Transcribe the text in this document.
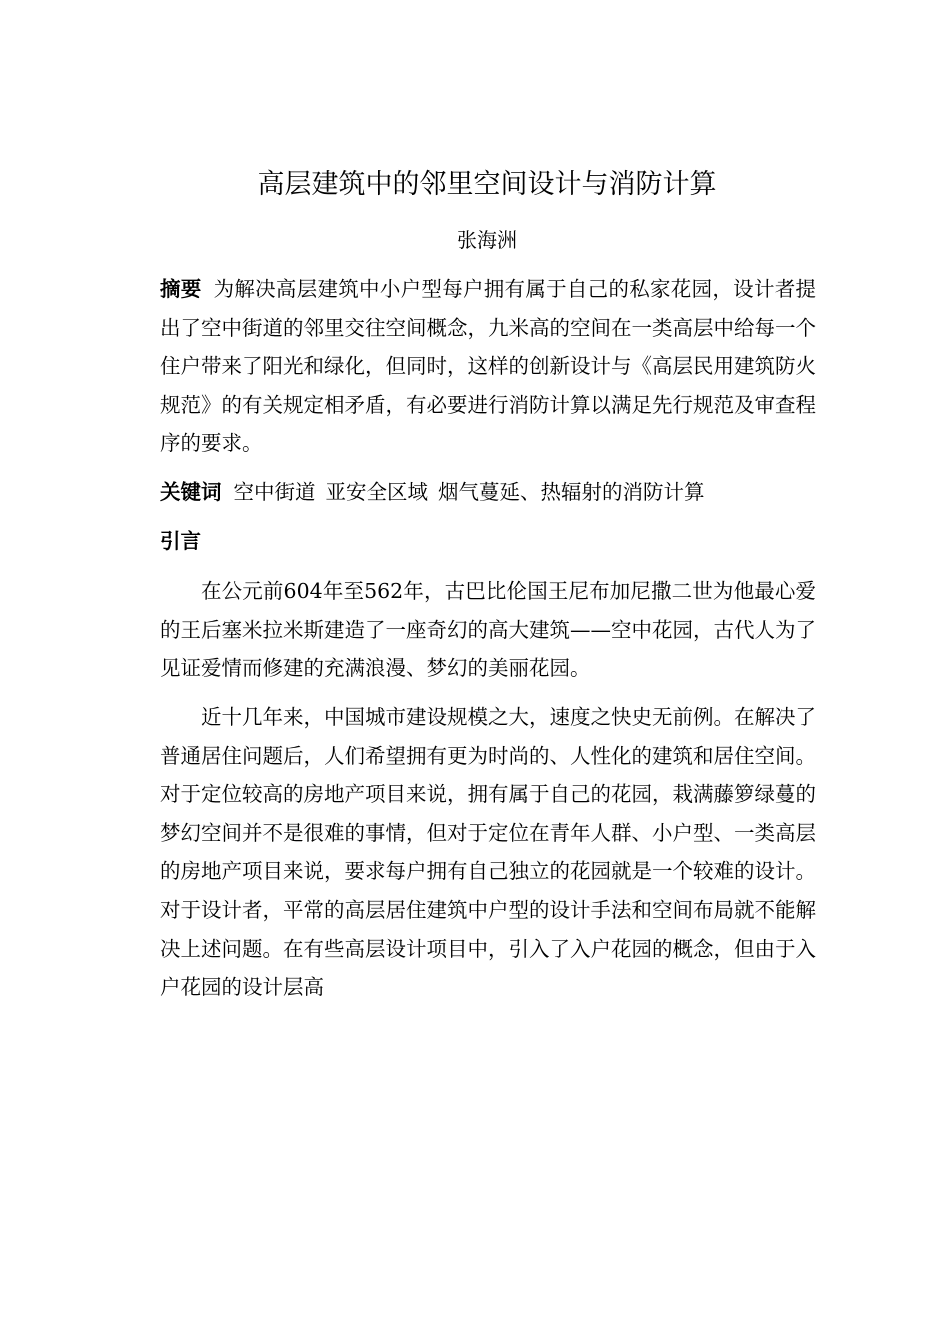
高层建筑中的邻里空间设计与消防计算
张海洲

摘要 为解决高层建筑中小户型每户拥有属于自己的私家花园，设计者提出了空中街道的邻里交往空间概念，九米高的空间在一类高层中给每一个住户带来了阳光和绿化，但同时，这样的创新设计与《高层民用建筑防火规范》的有关规定相矛盾，有必要进行消防计算以满足先行规范及审查程序的要求。

关键词 空中街道 亚安全区域 烟气蔓延、热辐射的消防计算

引言

在公元前604年至562年，古巴比伦国王尼布加尼撒二世为他最心爱的王后塞米拉米斯建造了一座奇幻的高大建筑——空中花园，古代人为了见证爱情而修建的充满浪漫、梦幻的美丽花园。

近十几年来，中国城市建设规模之大，速度之快史无前例。在解决了普通居住问题后，人们希望拥有更为时尚的、人性化的建筑和居住空间。对于定位较高的房地产项目来说，拥有属于自己的花园，栽满藤箩绿蔓的梦幻空间并不是很难的事情，但对于定位在青年人群、小户型、一类高层的房地产项目来说，要求每户拥有自己独立的花园就是一个较难的设计。对于设计者，平常的高层居住建筑中户型的设计手法和空间布局就不能解决上述问题。在有些高层设计项目中，引入了入户花园的概念，但由于入户花园的设计层高
